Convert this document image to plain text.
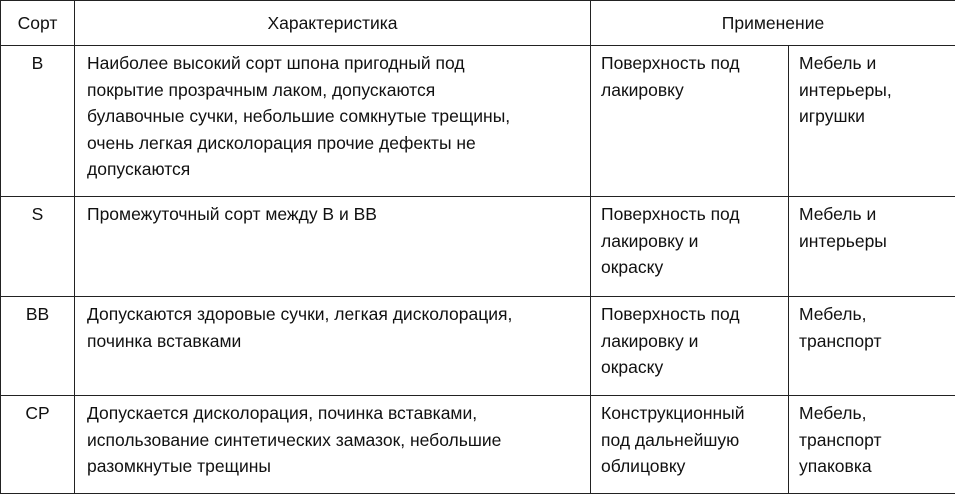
Сорт	Характеристика	Применение	
B	Наиболее высокий сорт шпона пригодный под
покрытие прозрачным лаком, допускаются
булавочные сучки, небольшие сомкнутые трещины,
очень легкая дисколорация прочие дефекты не
допускаются	Поверхность под
лакировку	Мебель и
интерьеры,
игрушки
S	Промежуточный сорт между B и BB	Поверхность под
лакировку и
окраску	Мебель и
интерьеры
BB	Допускаются здоровые сучки, легкая дисколорация,
починка вставками	Поверхность под
лакировку и
окраску	Мебель,
транспорт
CP	Допускается дисколорация, починка вставками,
использование синтетических замазок, небольшие
разомкнутые трещины	Конструкционный
под дальнейшую
облицовку	Мебель,
транспорт
упаковка
